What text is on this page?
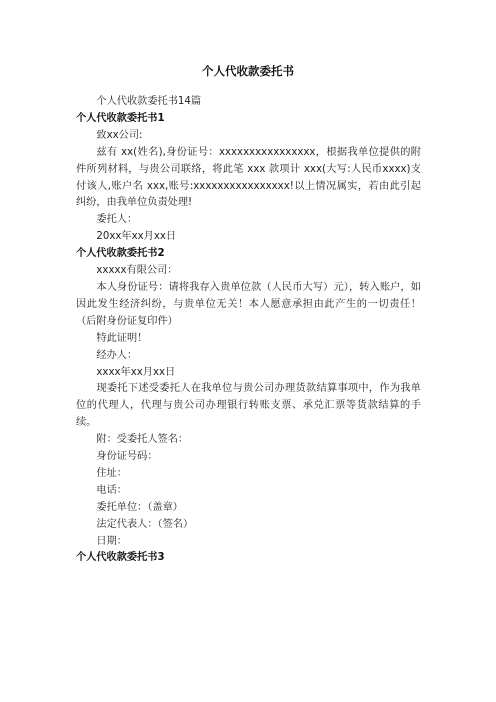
个人代收款委托书

个人代收款委托书14篇

个人代收款委托书1

致xx公司:

兹有 xx(姓名),身份证号：xxxxxxxxxxxxxxxx，根据我单位提供的附件所列材料，与贵公司联络，将此笔 xxx 款项计 xxx(大写:人民币xxxx)支付该人,账户名 xxx,账号:xxxxxxxxxxxxxxxx!以上情况属实，若由此引起纠纷，由我单位负责处理!

委托人：

20xx年xx月xx日

个人代收款委托书2

xxxxx有限公司：

本人身份证号：请将我存入贵单位款（人民币大写）元），转入账户，如因此发生经济纠纷，与贵单位无关！本人愿意承担由此产生的一切责任！（后附身份证复印件）

特此证明！

经办人：

xxxx年xx月xx日

现委托下述受委托人在我单位与贵公司办理货款结算事项中，作为我单位的代理人，代理与贵公司办理银行转账支票、承兑汇票等货款结算的手续。

附：受委托人签名：

身份证号码：

住址：

电话：

委托单位：（盖章）

法定代表人：（签名）

日期：

个人代收款委托书3
